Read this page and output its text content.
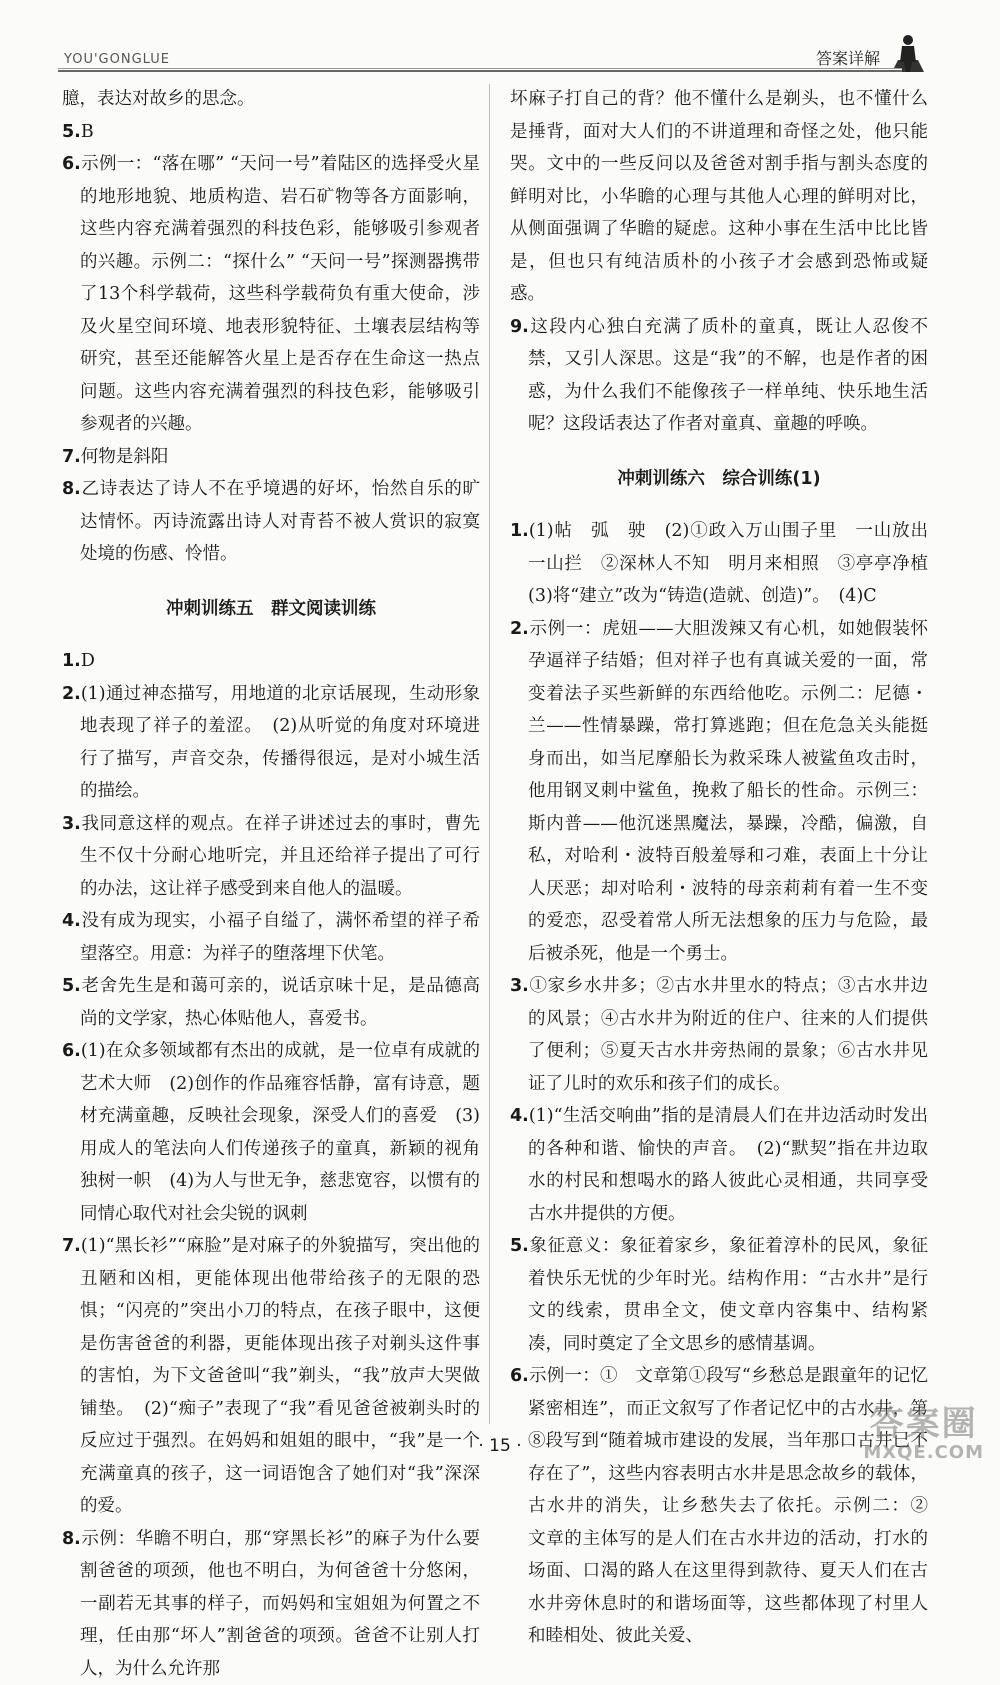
YOU'GONGLUE	答案详解
臆，表达对故乡的思念。
5.B
6.示例一：“落在哪” “天问一号”着陆区的选择受火星的地形地貌、地质构造、岩石矿物等各方面影响，这些内容充满着强烈的科技色彩，能够吸引参观者的兴趣。示例二：“探什么” “天问一号”探测器携带了13个科学载荷，这些科学载荷负有重大使命，涉及火星空间环境、地表形貌特征、土壤表层结构等研究，甚至还能解答火星上是否存在生命这一热点问题。这些内容充满着强烈的科技色彩，能够吸引参观者的兴趣。
7.何物是斜阳
8.乙诗表达了诗人不在乎境遇的好坏，怡然自乐的旷达情怀。丙诗流露出诗人对青苔不被人赏识的寂寞处境的伤感、怜惜。
冲刺训练五　群文阅读训练
1.D
2.(1)通过神态描写，用地道的北京话展现，生动形象地表现了祥子的羞涩。　(2)从听觉的角度对环境进行了描写，声音交杂，传播得很远，是对小城生活的描绘。
3.我同意这样的观点。在祥子讲述过去的事时，曹先生不仅十分耐心地听完，并且还给祥子提出了可行的办法，这让祥子感受到来自他人的温暖。
4.没有成为现实，小福子自缢了，满怀希望的祥子希望落空。用意：为祥子的堕落埋下伏笔。
5.老舍先生是和蔼可亲的，说话京味十足，是品德高尚的文学家，热心体贴他人，喜爱书。
6.(1)在众多领域都有杰出的成就，是一位卓有成就的艺术大师　(2)创作的作品雍容恬静，富有诗意，题材充满童趣，反映社会现象，深受人们的喜爱　(3)用成人的笔法向人们传递孩子的童真，新颖的视角独树一帜　(4)为人与世无争，慈悲宽容，以惯有的同情心取代对社会尖锐的讽刺
7.(1)“黑长衫”“麻脸”是对麻子的外貌描写，突出他的丑陋和凶相，更能体现出他带给孩子的无限的恐惧；“闪亮的”突出小刀的特点，在孩子眼中，这便是伤害爸爸的利器，更能体现出孩子对剃头这件事的害怕，为下文爸爸叫“我”剃头，“我”放声大哭做铺垫。　(2)“痴子”表现了“我”看见爸爸被剃头时的反应过于强烈。在妈妈和姐姐的眼中，“我”是一个充满童真的孩子，这一词语饱含了她们对“我”深深的爱。
8.示例：华瞻不明白，那“穿黑长衫”的麻子为什么要割爸爸的项颈，他也不明白，为何爸爸十分悠闲，一副若无其事的样子，而妈妈和宝姐姐为何置之不理，任由那“坏人”割爸爸的项颈。爸爸不让别人打人，为什么允许那
坏麻子打自己的背？他不懂什么是剃头，也不懂什么是捶背，面对大人们的不讲道理和奇怪之处，他只能哭。文中的一些反问以及爸爸对割手指与割头态度的鲜明对比，小华瞻的心理与其他人心理的鲜明对比，从侧面强调了华瞻的疑虑。这种小事在生活中比比皆是，但也只有纯洁质朴的小孩子才会感到恐怖或疑惑。
9.这段内心独白充满了质朴的童真，既让人忍俊不禁，又引人深思。这是“我”的不解，也是作者的困惑，为什么我们不能像孩子一样单纯、快乐地生活呢？这段话表达了作者对童真、童趣的呼唤。
冲刺训练六　综合训练(1)
1.(1)帖　弧　驶　(2)①政入万山围子里　一山放出一山拦　②深林人不知　明月来相照　③亭亭净植　(3)将“建立”改为“铸造(造就、创造)”。　(4)C
2.示例一：虎妞——大胆泼辣又有心机，如她假装怀孕逼祥子结婚；但对祥子也有真诚关爱的一面，常变着法子买些新鲜的东西给他吃。示例二：尼德・兰——性情暴躁，常打算逃跑；但在危急关头能挺身而出，如当尼摩船长为救采珠人被鲨鱼攻击时，他用钢叉刺中鲨鱼，挽救了船长的性命。示例三：斯内普——他沉迷黑魔法，暴躁，冷酷，偏激，自私，对哈利・波特百般羞辱和刁难，表面上十分让人厌恶；却对哈利・波特的母亲莉莉有着一生不变的爱恋，忍受着常人所无法想象的压力与危险，最后被杀死，他是一个勇士。
3.①家乡水井多；②古水井里水的特点；③古水井边的风景；④古水井为附近的住户、往来的人们提供了便利；⑤夏天古水井旁热闹的景象；⑥古水井见证了儿时的欢乐和孩子们的成长。
4.(1)“生活交响曲”指的是清晨人们在井边活动时发出的各种和谐、愉快的声音。　(2)“默契”指在井边取水的村民和想喝水的路人彼此心灵相通，共同享受古水井提供的方便。
5.象征意义：象征着家乡，象征着淳朴的民风，象征着快乐无忧的少年时光。结构作用：“古水井”是行文的线索，贯串全文，使文章内容集中、结构紧凑，同时奠定了全文思乡的感情基调。
6.示例一：①　文章第①段写“乡愁总是跟童年的记忆紧密相连”，而正文叙写了作者记忆中的古水井，第⑧段写到“随着城市建设的发展，当年那口古井已不存在了”，这些内容表明古水井是思念故乡的载体，古水井的消失，让乡愁失去了依托。示例二：②　文章的主体写的是人们在古水井边的活动，打水的场面、口渴的路人在这里得到款待、夏天人们在古水井旁休息时的和谐场面等，这些都体现了村里人和睦相处、彼此关爱、
· 15 ·
答案圈
MXQE.COM
